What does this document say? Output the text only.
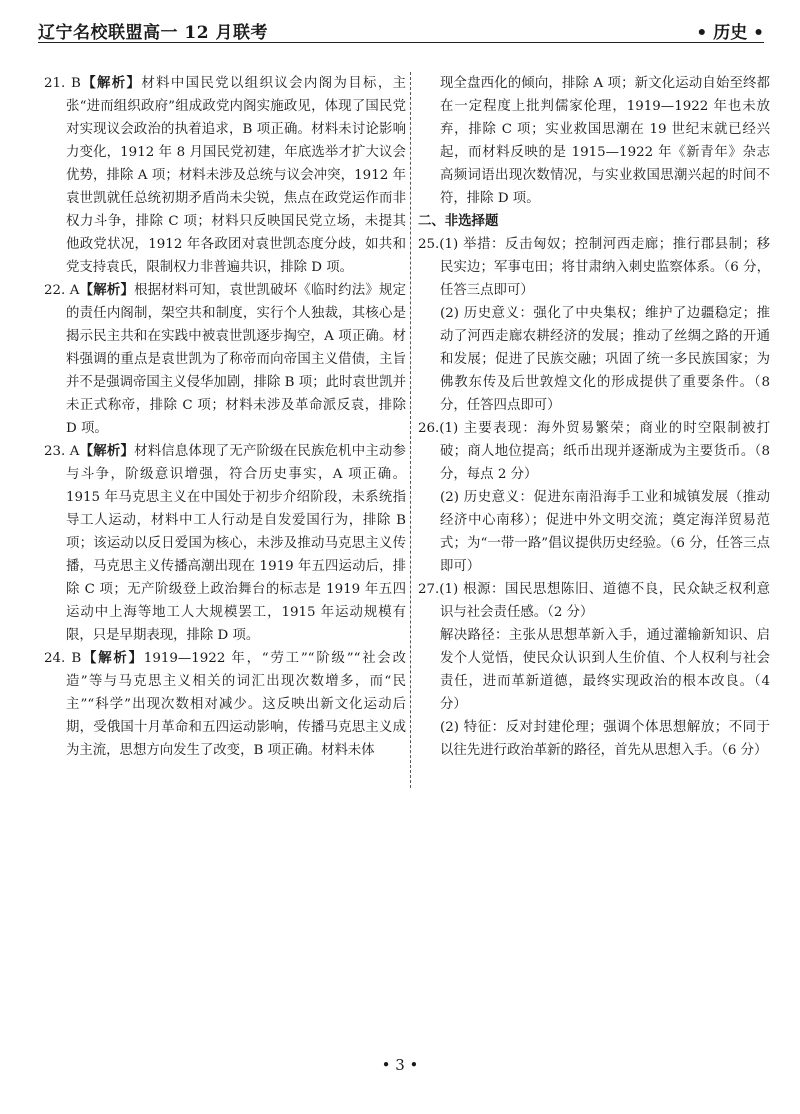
辽宁名校联盟高一 12 月联考	• 历史 •

21. B【解析】材料中国民党以组织议会内阁为目标，主张“进而组织政府”组成政党内阁实施政见，体现了国民党对实现议会政治的执着追求，B 项正确。材料未讨论影响力变化，1912 年 8 月国民党初建，年底选举才扩大议会优势，排除 A 项；材料未涉及总统与议会冲突，1912 年袁世凯就任总统初期矛盾尚未尖锐，焦点在政党运作而非权力斗争，排除 C 项；材料只反映国民党立场，未提其他政党状况，1912 年各政团对袁世凯态度分歧，如共和党支持袁氏，限制权力非普遍共识，排除 D 项。

22. A【解析】根据材料可知，袁世凯破坏《临时约法》规定的责任内阁制，架空共和制度，实行个人独裁，其核心是揭示民主共和在实践中被袁世凯逐步掏空，A 项正确。材料强调的重点是袁世凯为了称帝而向帝国主义借债，主旨并不是强调帝国主义侵华加剧，排除 B 项；此时袁世凯并未正式称帝，排除 C 项；材料未涉及革命派反袁，排除 D 项。

23. A【解析】材料信息体现了无产阶级在民族危机中主动参与斗争，阶级意识增强，符合历史事实，A 项正确。1915 年马克思主义在中国处于初步介绍阶段，未系统指导工人运动，材料中工人行动是自发爱国行为，排除 B 项；该运动以反日爱国为核心，未涉及推动马克思主义传播，马克思主义传播高潮出现在 1919 年五四运动后，排除 C 项；无产阶级登上政治舞台的标志是 1919 年五四运动中上海等地工人大规模罢工，1915 年运动规模有限，只是早期表现，排除 D 项。

24. B【解析】1919—1922 年，“劳工”“阶级”“社会改造”等与马克思主义相关的词汇出现次数增多，而“民主”“科学”出现次数相对减少。这反映出新文化运动后期，受俄国十月革命和五四运动影响，传播马克思主义成为主流，思想方向发生了改变，B 项正确。材料未体

现全盘西化的倾向，排除 A 项；新文化运动自始至终都在一定程度上批判儒家伦理，1919—1922 年也未放弃，排除 C 项；实业救国思潮在 19 世纪末就已经兴起，而材料反映的是 1915—1922 年《新青年》杂志高频词语出现次数情况，与实业救国思潮兴起的时间不符，排除 D 项。

二、非选择题

25.(1) 举措：反击匈奴；控制河西走廊；推行郡县制；移民实边；军事屯田；将甘肃纳入刺史监察体系。（6 分，任答三点即可）

(2) 历史意义：强化了中央集权；维护了边疆稳定；推动了河西走廊农耕经济的发展；推动了丝绸之路的开通和发展；促进了民族交融；巩固了统一多民族国家；为佛教东传及后世敦煌文化的形成提供了重要条件。（8 分，任答四点即可）

26.(1) 主要表现：海外贸易繁荣；商业的时空限制被打破；商人地位提高；纸币出现并逐渐成为主要货币。（8 分，每点 2 分）

(2) 历史意义：促进东南沿海手工业和城镇发展（推动经济中心南移）；促进中外文明交流；奠定海洋贸易范式；为“一带一路”倡议提供历史经验。（6 分，任答三点即可）

27.(1) 根源：国民思想陈旧、道德不良，民众缺乏权利意识与社会责任感。（2 分）

解决路径：主张从思想革新入手，通过灌输新知识、启发个人觉悟，使民众认识到人生价值、个人权利与社会责任，进而革新道德，最终实现政治的根本改良。（4 分）

(2) 特征：反对封建伦理；强调个体思想解放；不同于以往先进行政治革新的路径，首先从思想入手。（6 分）

• 3 •
